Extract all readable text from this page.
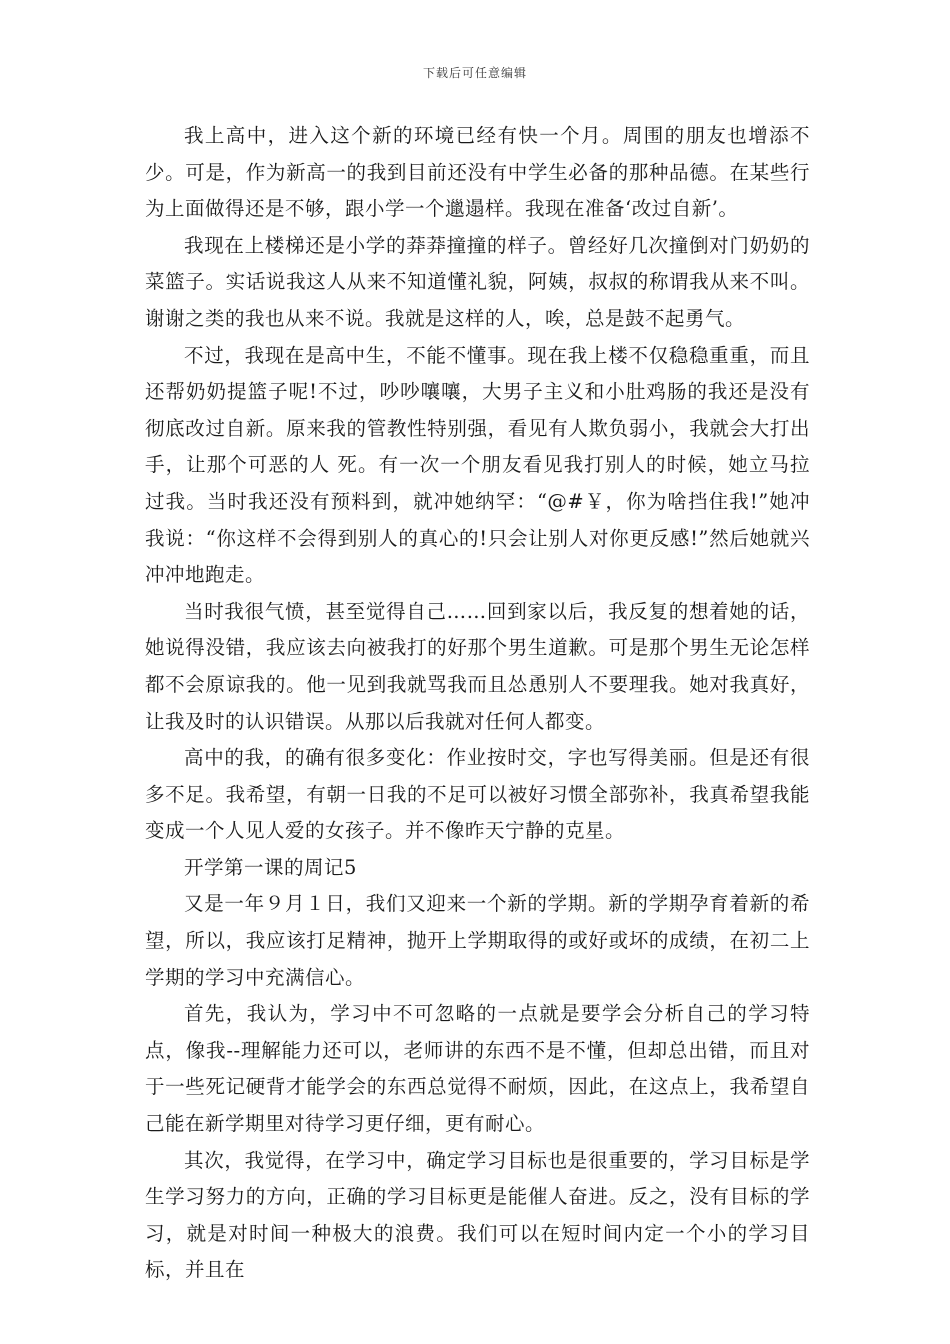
下载后可任意编辑

我上高中，进入这个新的环境已经有快一个月。周围的朋友也增添不少。可是，作为新高一的我到目前还没有中学生必备的那种品德。在某些行为上面做得还是不够，跟小学一个邋遢样。我现在准备‘改过自新’。

我现在上楼梯还是小学的莽莽撞撞的样子。曾经好几次撞倒对门奶奶的菜篮子。实话说我这人从来不知道懂礼貌，阿姨，叔叔的称谓我从来不叫。谢谢之类的我也从来不说。我就是这样的人，唉，总是鼓不起勇气。

不过，我现在是高中生，不能不懂事。现在我上楼不仅稳稳重重，而且还帮奶奶提篮子呢!不过，吵吵嚷嚷，大男子主义和小肚鸡肠的我还是没有彻底改过自新。原来我的管教性特别强，看见有人欺负弱小，我就会大打出手，让那个可恶的人 死。有一次一个朋友看见我打别人的时候，她立马拉过我。当时我还没有预料到，就冲她纳罕：“@#￥，你为啥挡住我!”她冲我说：“你这样不会得到别人的真心的!只会让别人对你更反感!”然后她就兴冲冲地跑走。

当时我很气愤，甚至觉得自己……回到家以后，我反复的想着她的话，她说得没错，我应该去向被我打的好那个男生道歉。可是那个男生无论怎样都不会原谅我的。他一见到我就骂我而且怂恿别人不要理我。她对我真好，让我及时的认识错误。从那以后我就对任何人都变。

高中的我，的确有很多变化：作业按时交，字也写得美丽。但是还有很多不足。我希望，有朝一日我的不足可以被好习惯全部弥补，我真希望我能变成一个人见人爱的女孩子。并不像昨天宁静的克星。

开学第一课的周记5

又是一年９月１日，我们又迎来一个新的学期。新的学期孕育着新的希望，所以，我应该打足精神，抛开上学期取得的或好或坏的成绩，在初二上学期的学习中充满信心。

首先，我认为，学习中不可忽略的一点就是要学会分析自己的学习特点，像我--理解能力还可以，老师讲的东西不是不懂，但却总出错，而且对于一些死记硬背才能学会的东西总觉得不耐烦，因此，在这点上，我希望自己能在新学期里对待学习更仔细，更有耐心。

其次，我觉得，在学习中，确定学习目标也是很重要的，学习目标是学生学习努力的方向，正确的学习目标更是能催人奋进。反之，没有目标的学习，就是对时间一种极大的浪费。我们可以在短时间内定一个小的学习目标，并且在
